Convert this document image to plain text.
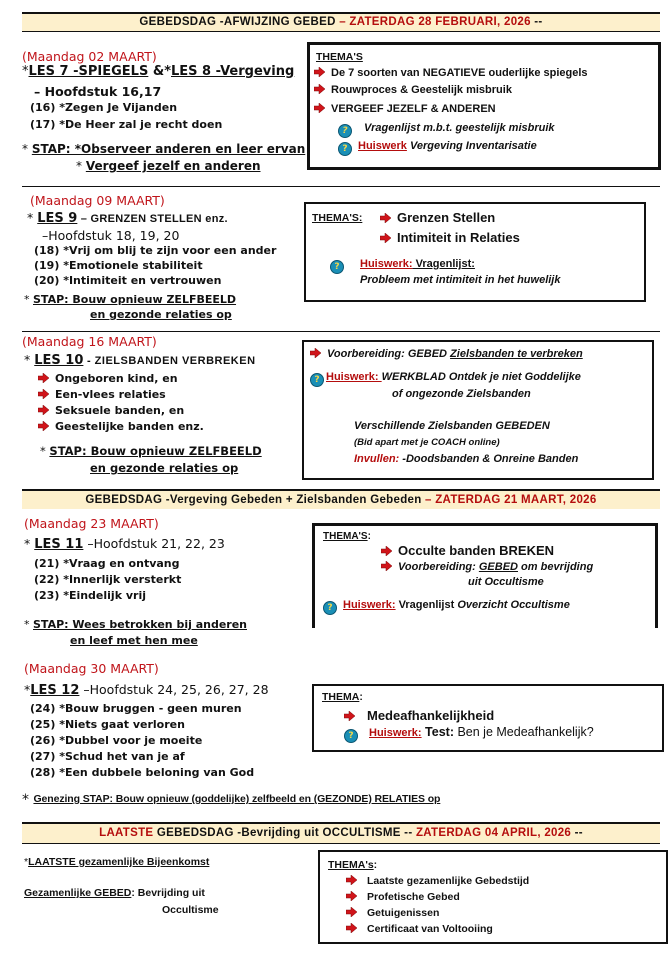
GEBEDSDAG -AFWIJZING GEBED – ZATERDAG 28 FEBRUARI, 2026 --
(Maandag 02 MAART)
*LES 7 -SPIEGELS &*LES 8 -Vergeving
– Hoofdstuk 16,17
(16) *Zegen Je Vijanden
(17) *De Heer zal je recht doen
* STAP: *Observeer anderen en leer ervan
* Vergeef jezelf en anderen
THEMA'S
De 7 soorten van NEGATIEVE ouderlijke spiegels
Rouwproces & Geestelijk misbruik
VERGEEF JEZELF & ANDEREN
? Vragenlijst m.b.t. geestelijk misbruik
? Huiswerk Vergeving Inventarisatie
(Maandag 09 MAART)
* LES 9 – GRENZEN STELLEN enz.
–Hoofdstuk 18, 19, 20
(18) *Vrij om blij te zijn voor een ander
(19) *Emotionele stabiliteit
(20) *Intimiteit en vertrouwen
* STAP: Bouw opnieuw ZELFBEELD
en gezonde relaties op
THEMA'S:	Grenzen Stellen
Intimiteit in Relaties
? Huiswerk: Vragenlijst:
Probleem met intimiteit in het huwelijk
(Maandag 16 MAART)
* LES 10 - ZIELSBANDEN VERBREKEN
Ongeboren kind, en
Een-vlees relaties
Seksuele banden, en
Geestelijke banden enz.
* STAP: Bouw opnieuw ZELFBEELD
en gezonde relaties op
Voorbereiding: GEBED Zielsbanden te verbreken
? Huiswerk: WERKBLAD Ontdek je niet Goddelijke
of ongezonde Zielsbanden
Verschillende Zielsbanden GEBEDEN
(Bid apart met je COACH online)
Invullen: -Doodsbanden & Onreine Banden
GEBEDSDAG -Vergeving Gebeden + Zielsbanden Gebeden – ZATERDAG 21 MAART, 2026
(Maandag 23 MAART)
* LES 11 –Hoofdstuk 21, 22, 23
(21) *Vraag en ontvang
(22) *Innerlijk versterkt
(23) *Eindelijk vrij
* STAP: Wees betrokken bij anderen
en leef met hen mee
THEMA'S:
Occulte banden BREKEN
Voorbereiding: GEBED om bevrijding
uit Occultisme
? Huiswerk: Vragenlijst Overzicht Occultisme
(Maandag 30 MAART)
*LES 12 –Hoofdstuk 24, 25, 26, 27, 28
(24) *Bouw bruggen - geen muren
(25) *Niets gaat verloren
(26) *Dubbel voor je moeite
(27) *Schud het van je af
(28) *Een dubbele beloning van God
* Genezing STAP: Bouw opnieuw (goddelijke) zelfbeeld en (GEZONDE) RELATIES op
THEMA:
Medeafhankelijkheid
? Huiswerk: Test: Ben je Medeafhankelijk?
LAATSTE GEBEDSDAG -Bevrijding uit OCCULTISME -- ZATERDAG 04 APRIL, 2026 --
*LAATSTE gezamenlijke Bijeenkomst
Gezamenlijke GEBED: Bevrijding uit
Occultisme
THEMA's:
Laatste gezamenlijke Gebedstijd
Profetische Gebed
Getuigenissen
Certificaat van Voltooiing
